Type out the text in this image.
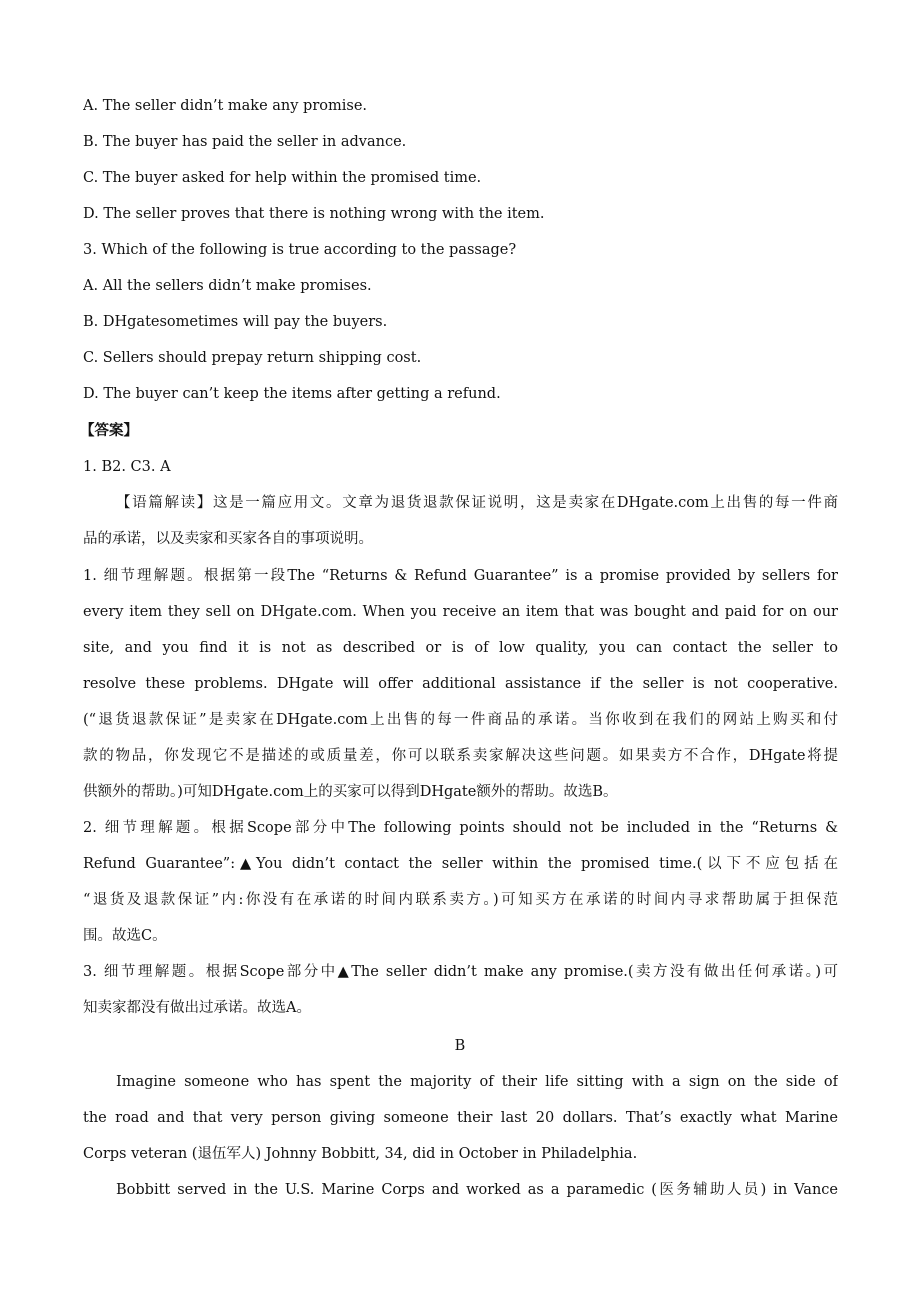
A. The seller didn’t make any promise.
B. The buyer has paid the seller in advance.
C. The buyer asked for help within the promised time.
D. The seller proves that there is nothing wrong with the item.
3. Which of the following is true according to the passage?
A. All the sellers didn’t make promises.
B. DHgatesometimes will pay the buyers.
C. Sellers should prepay return shipping cost.
D. The buyer can’t keep the items after getting a refund.
【答案】
1. B2. C3. A
【语篇解读】这是一篇应用文。文章为退货退款保证说明，这是卖家在DHgate.com上出售的每一件商
品的承诺，以及卖家和买家各自的事项说明。
1. 细节理解题。根据第一段The “Returns & Refund Guarantee” is a promise provided by sellers for
every item they sell on DHgate.com. When you receive an item that was bought and paid for on our
site, and you find it is not as described or is of low quality, you can contact the seller to
resolve these problems. DHgate will offer additional assistance if the seller is not cooperative.
(“退货退款保证”是卖家在DHgate.com上出售的每一件商品的承诺。当你收到在我们的网站上购买和付
款的物品，你发现它不是描述的或质量差，你可以联系卖家解决这些问题。如果卖方不合作，DHgate将提
供额外的帮助。)可知DHgate.com上的买家可以得到DHgate额外的帮助。故选B。
2. 细节理解题。根据Scope部分中The following points should not be included in the “Returns &
Refund Guarantee”:▲You didn’t contact the seller within the promised time.(以下不应包括在
“退货及退款保证”内:你没有在承诺的时间内联系卖方。)可知买方在承诺的时间内寻求帮助属于担保范
围。故选C。
3. 细节理解题。根据Scope部分中▲The seller didn’t make any promise.(卖方没有做出任何承诺。)可
知卖家都没有做出过承诺。故选A。
B
Imagine someone who has spent the majority of their life sitting with a sign on the side of
the road and that very person giving someone their last 20 dollars. That’s exactly what Marine
Corps veteran (退伍军人) Johnny Bobbitt, 34, did in October in Philadelphia.
Bobbitt served in the U.S. Marine Corps and worked as a paramedic (医务辅助人员) in Vance
